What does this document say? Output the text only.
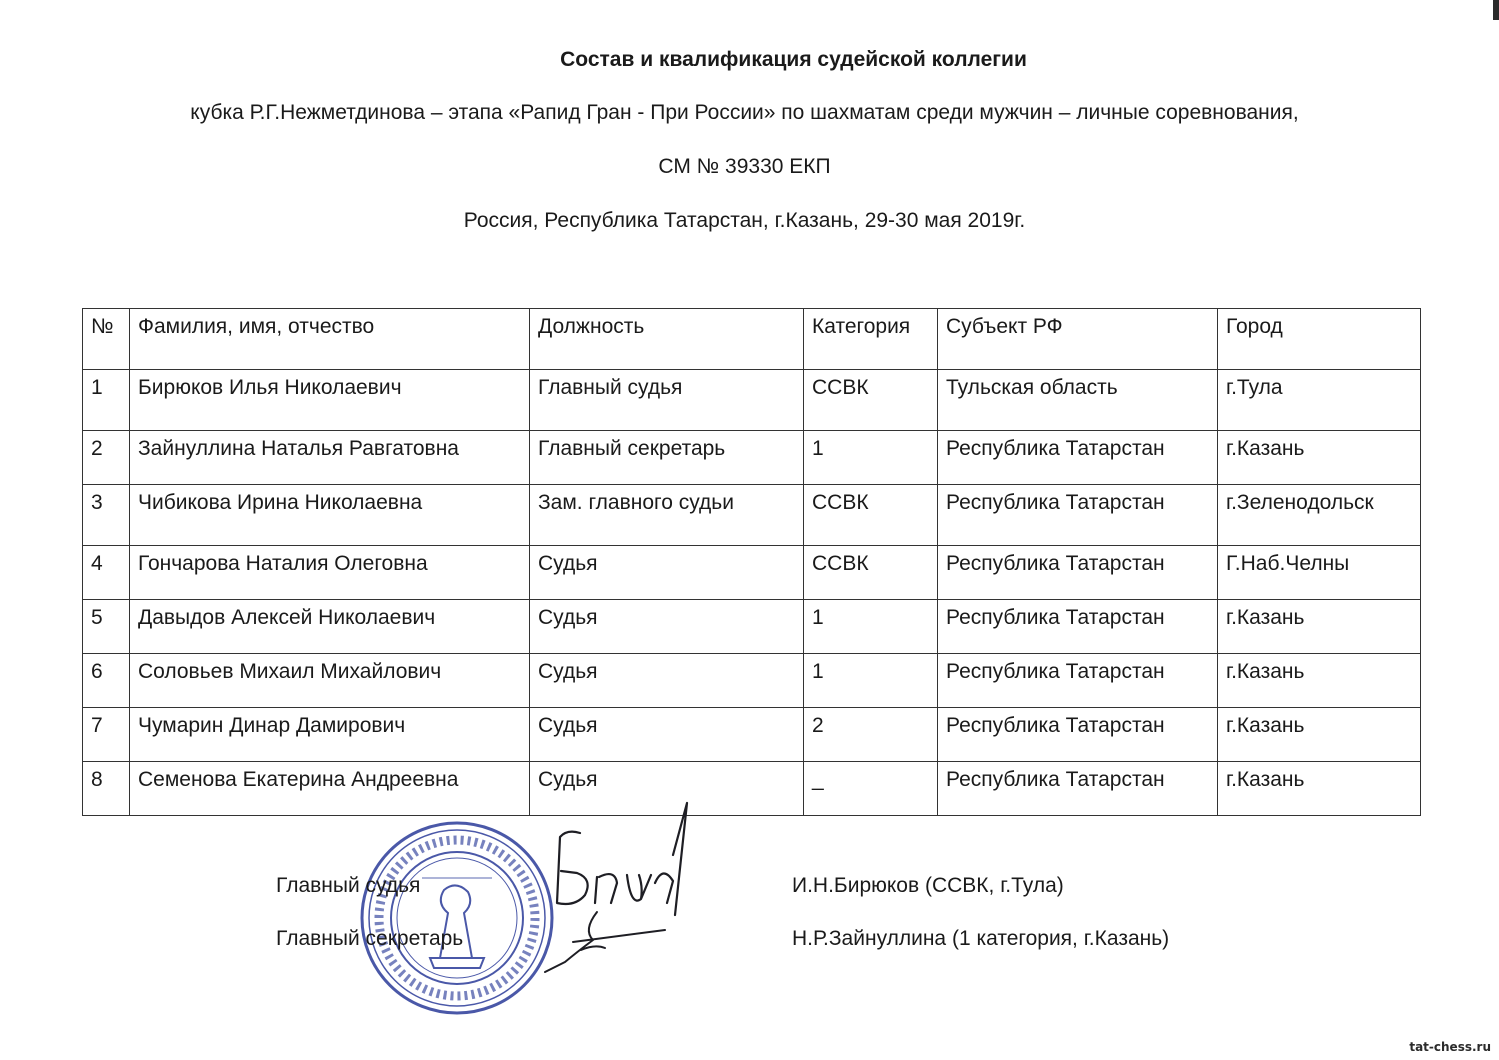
Состав и квалификация судейской коллегии
кубка Р.Г.Нежметдинова – этапа «Рапид Гран - При России» по шахматам среди мужчин – личные соревнования,
СМ № 39330 ЕКП
Россия, Республика Татарстан, г.Казань, 29-30 мая 2019г.
№	Фамилия, имя, отчество	Должность	Категория	Субъект РФ	Город
1	Бирюков Илья Николаевич	Главный судья	ССВК	Тульская область	г.Тула
2	Зайнуллина Наталья Равгатовна	Главный секретарь	1	Республика Татарстан	г.Казань
3	Чибикова Ирина Николаевна	Зам. главного судьи	ССВК	Республика Татарстан	г.Зеленодольск
4	Гончарова Наталия Олеговна	Судья	ССВК	Республика Татарстан	Г.Наб.Челны
5	Давыдов Алексей Николаевич	Судья	1	Республика Татарстан	г.Казань
6	Соловьев Михаил Михайлович	Судья	1	Республика Татарстан	г.Казань
7	Чумарин Динар Дамирович	Судья	2	Республика Татарстан	г.Казань
8	Семенова Екатерина Андреевна	Судья	_	Республика Татарстан	г.Казань
Главный судья	И.Н.Бирюков (ССВК, г.Тула)
Главный секретарь	Н.Р.Зайнуллина (1 категория, г.Казань)
tat-chess.ru
